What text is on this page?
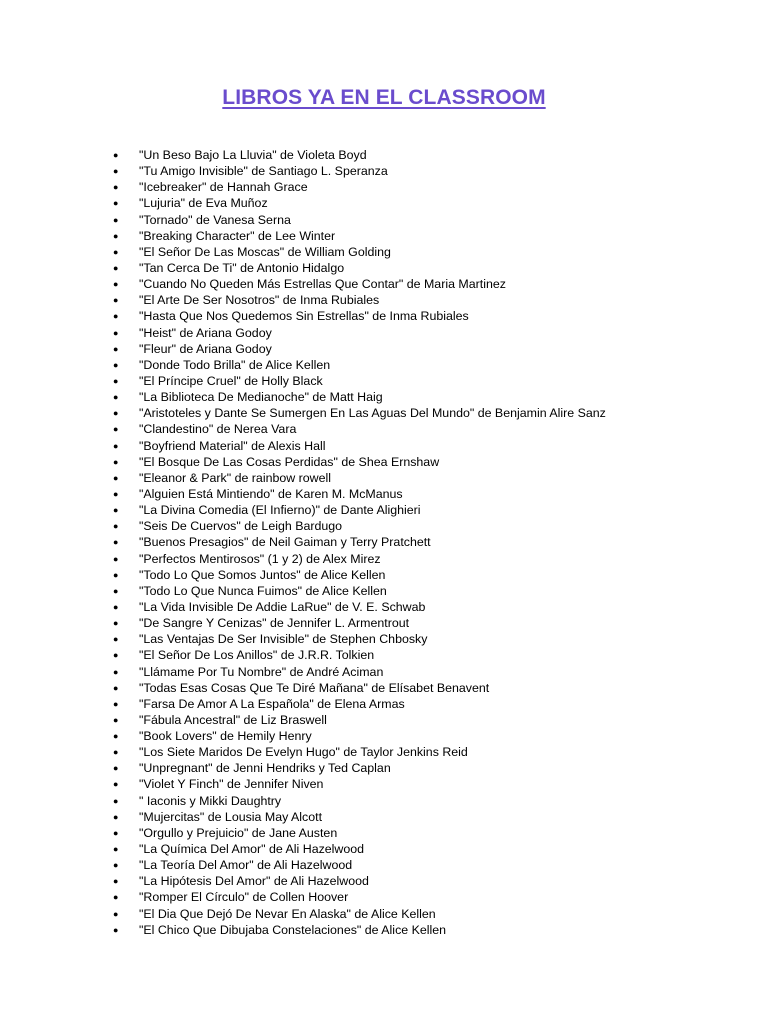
LIBROS YA EN EL CLASSROOM
● "Un Beso Bajo La Lluvia" de Violeta Boyd
● "Tu Amigo Invisible" de Santiago L. Speranza
● "Icebreaker" de Hannah Grace
● "Lujuria" de Eva Muñoz
● "Tornado" de Vanesa Serna
● "Breaking Character" de Lee Winter
● "El Señor De Las Moscas" de William Golding
● "Tan Cerca De Ti" de Antonio Hidalgo
● "Cuando No Queden Más Estrellas Que Contar" de Maria Martinez
● "El Arte De Ser Nosotros" de Inma Rubiales
● "Hasta Que Nos Quedemos Sin Estrellas" de Inma Rubiales
● "Heist" de Ariana Godoy
● "Fleur" de Ariana Godoy
● "Donde Todo Brilla" de Alice Kellen
● "El Príncipe Cruel" de Holly Black
● "La Biblioteca De Medianoche" de Matt Haig
● "Aristoteles y Dante Se Sumergen En Las Aguas Del Mundo" de Benjamin Alire Sanz
● "Clandestino" de Nerea Vara
● "Boyfriend Material" de Alexis Hall
● "El Bosque De Las Cosas Perdidas" de Shea Ernshaw
● "Eleanor & Park" de rainbow rowell
● "Alguien Está Mintiendo" de Karen M. McManus
● "La Divina Comedia (El Infierno)" de Dante Alighieri
● "Seis De Cuervos" de Leigh Bardugo
● "Buenos Presagios" de Neil Gaiman y Terry Pratchett
● "Perfectos Mentirosos" (1 y 2) de Alex Mirez
● "Todo Lo Que Somos Juntos" de Alice Kellen
● "Todo Lo Que Nunca Fuimos" de Alice Kellen
● "La Vida Invisible De Addie LaRue" de V. E. Schwab
● "De Sangre Y Cenizas" de Jennifer L. Armentrout
● "Las Ventajas De Ser Invisible" de Stephen Chbosky
● "El Señor De Los Anillos" de J.R.R. Tolkien
● "Llámame Por Tu Nombre" de André Aciman
● "Todas Esas Cosas Que Te Diré Mañana" de Elísabet Benavent
● "Farsa De Amor A La Española" de Elena Armas
● "Fábula Ancestral" de Liz Braswell
● "Book Lovers" de Hemily Henry
● "Los Siete Maridos De Evelyn Hugo" de Taylor Jenkins Reid
● "Unpregnant" de Jenni Hendriks y Ted Caplan
● "Violet Y Finch" de Jennifer Niven
● " Iaconis y Mikki Daughtry
● "Mujercitas" de Lousia May Alcott
● "Orgullo y Prejuicio" de Jane Austen
● "La Química Del Amor" de Ali Hazelwood
● "La Teoría Del Amor" de Ali Hazelwood
● "La Hipótesis Del Amor" de Ali Hazelwood
● "Romper El Círculo" de Collen Hoover
● "El Dia Que Dejó De Nevar En Alaska" de Alice Kellen
● "El Chico Que Dibujaba Constelaciones" de Alice Kellen
